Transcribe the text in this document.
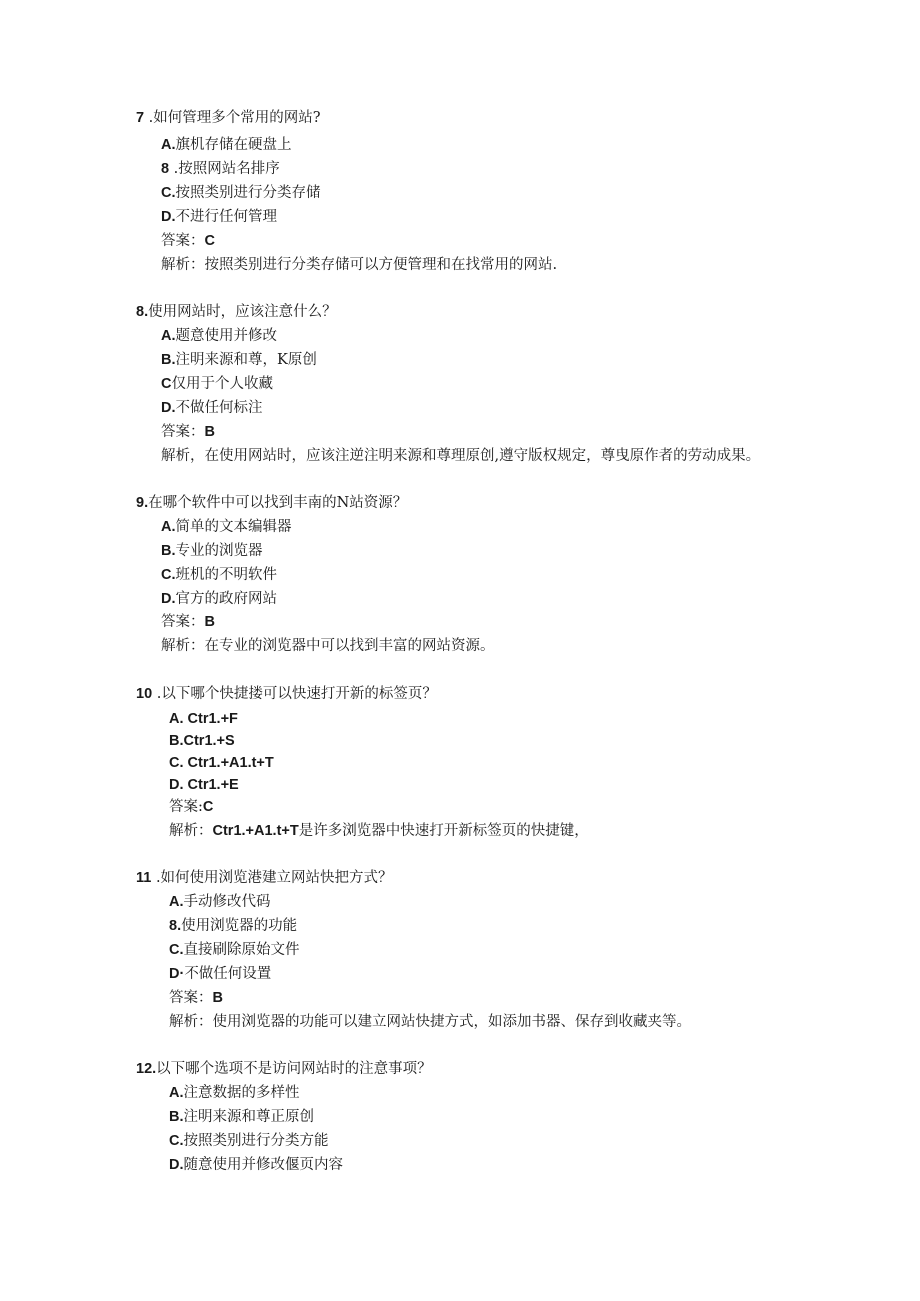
7 .如何管理多个常用的网站?
A.旗机存储在硬盘上
8 .按照网站名排序
C.按照类别进行分类存储
D.不进行任何管理
答案：C
解析：按照类别进行分类存储可以方便管理和在找常用的网站.
8.使用网站时，应该注意什么？
A.题意使用并修改
B.注明来源和尊，K原创
C仅用于个人收藏
D.不做任何标注
答案：B
解析，在使用网站时，应该注逆注明来源和尊理原创,遵守版权规定，尊曳原作者的劳动成果。
9.在哪个软件中可以找到丰南的N站资源？
A.简单的文本编辑器
B.专业的浏览器
C.班机的不明软件
D.官方的政府网站
答案：B
解析：在专业的浏览器中可以找到丰富的网站资源。
10 .以下哪个快捷搂可以快速打开新的标签页？
A. Ctr1.+F
B.Ctr1.+S
C. Ctr1.+A1.t+T
D. Ctr1.+E
答案:C
解析：Ctr1.+A1.t+T是许多浏览器中快速打开新标签页的快捷键，
11 .如何使用浏览港建立网站快把方式？
A.手动修改代码
8.使用浏览器的功能
C.直接刷除原始文件
D·不做任何设置
答案：B
解析：使用浏览器的功能可以建立网站快捷方式，如添加书器、保存到收藏夹等。
12.以下哪个选项不是访问网站时的注意事项？
A.注意数据的多样性
B.注明来源和尊正原创
C.按照类别进行分类方能
D.随意使用并修改偃页内容
